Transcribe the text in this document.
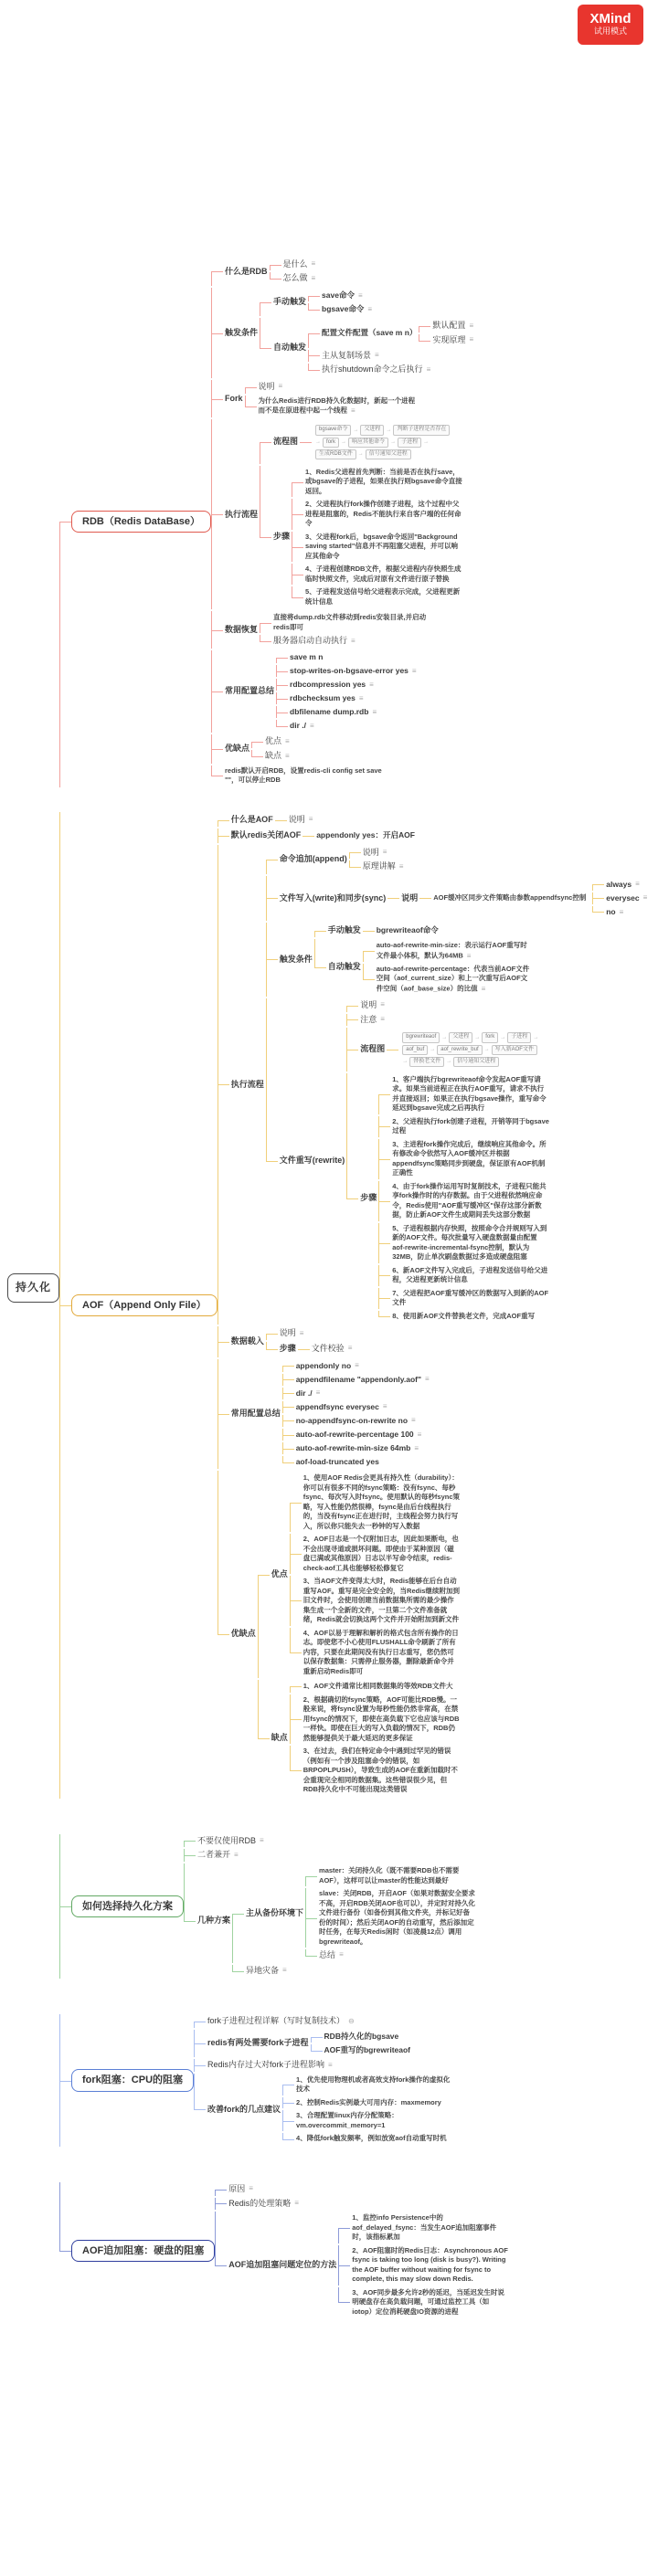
XMind
试用模式
持久化
RDB（Redis DataBase）
什么是RDB
是什么 ≡
怎么做 ≡
触发条件
手动触发
save命令 ≡
bgsave命令 ≡
自动触发
配置文件配置（save m n）
默认配置 ≡
实现原理 ≡
主从复制场景 ≡
执行shutdown命令之后执行 ≡
Fork
说明 ≡
为什么Redis进行RDB持久化数据时，新起一个进程而不是在原进程中起一个线程 ≡
执行流程
流程图
bgsave命令	→	父进程	→	判断子进程是否存在
→	fork	→	响应其他命令	→	子进程	→
生成RDB文件	→	信号通知父进程
步骤
1、Redis父进程首先判断：当前是否在执行save，或bgsave的子进程，如果在执行则bgsave命令直接返回。
2、父进程执行fork操作创建子进程，这个过程中父进程是阻塞的，Redis不能执行来自客户端的任何命令
3、父进程fork后，bgsave命令返回"Background saving started"信息并不再阻塞父进程，并可以响应其他命令
4、子进程创建RDB文件，根据父进程内存快照生成临时快照文件，完成后对原有文件进行原子替换
5、子进程发送信号给父进程表示完成，父进程更新统计信息
数据恢复
直接将dump.rdb文件移动到redis安装目录,并启动redis即可
服务器启动自动执行 ≡
常用配置总结
save m n
stop-writes-on-bgsave-error yes ≡
rdbcompression yes ≡
rdbchecksum yes ≡
dbfilename dump.rdb ≡
dir ./ ≡
优缺点
优点 ≡
缺点 ≡
redis默认开启RDB，设置redis-cli config set save ""，可以停止RDB
AOF（Append Only File）
什么是AOF 说明 ≡
默认redis关闭AOF appendonly yes：开启AOF
执行流程
命令追加(append)
说明 ≡
原理讲解 ≡
文件写入(write)和同步(sync) 说明 AOF缓冲区同步文件策略由参数appendfsync控制
always ≡
everysec ≡
no ≡
触发条件
手动触发 bgrewriteaof命令
自动触发
auto-aof-rewrite-min-size：表示运行AOF重写时文件最小体积，默认为64MB ≡
auto-aof-rewrite-percentage：代表当前AOF文件空间（aof_current_size）和上一次重写后AOF文件空间（aof_base_size）的比值 ≡
文件重写(rewrite)
说明 ≡
注意 ≡
流程图
bgrewriteaof	→	父进程	→	fork	→	子进程	→
aof_buf	→	aof_rewrite_buf	→	写入新AOF文件
→	替换老文件	→	信号通知父进程
步骤
1、客户端执行bgrewriteaof命令发起AOF重写请求。如果当前进程正在执行AOF重写，请求不执行并直接返回；如果正在执行bgsave操作，重写命令延迟到bgsave完成之后再执行
2、父进程执行fork创建子进程，开销等同于bgsave过程
3、主进程fork操作完成后，继续响应其他命令。所有修改命令依然写入AOF缓冲区并根据appendfsync策略同步到硬盘，保证原有AOF机制正确性
4、由于fork操作运用写时复制技术，子进程只能共享fork操作时的内存数据。由于父进程依然响应命令，Redis使用"AOF重写缓冲区"保存这部分新数据，防止新AOF文件生成期间丢失这部分数据
5、子进程根据内存快照，按照命令合并规则写入到新的AOF文件。每次批量写入硬盘数据量由配置aof-rewrite-incremental-fsync控制，默认为32MB，防止单次刷盘数据过多造成硬盘阻塞
6、新AOF文件写入完成后，子进程发送信号给父进程，父进程更新统计信息
7、父进程把AOF重写缓冲区的数据写入到新的AOF文件
8、使用新AOF文件替换老文件，完成AOF重写
数据载入
说明 ≡
步骤 文件校验 ≡
常用配置总结
appendonly no ≡
appendfilename "appendonly.aof" ≡
dir ./ ≡
appendfsync everysec ≡
no-appendfsync-on-rewrite no ≡
auto-aof-rewrite-percentage 100 ≡
auto-aof-rewrite-min-size 64mb ≡
aof-load-truncated yes
优缺点
优点
1、使用AOF Redis会更具有持久性（durability）：你可以有很多不同的fsync策略：没有fsync、每秒fsync、每次写入时fsync。使用默认的每秒fsync策略，写入性能仍然很棒，fsync是由后台线程执行的，当没有fsync正在进行时，主线程会努力执行写入，所以你只能失去一秒钟的写入数据
2、AOF日志是一个仅附加日志，因此如果断电，也不会出现寻道或损坏问题。即使由于某种原因（磁盘已满或其他原因）日志以半写命令结束，redis-check-aof工具也能够轻松修复它
3、当AOF文件变得太大时，Redis能够在后台自动重写AOF。重写是完全安全的，当Redis继续附加到旧文件时，会使用创建当前数据集所需的最少操作集生成一个全新的文件，一旦第二个文件准备就绪，Redis就会切换这两个文件并开始附加到新文件
4、AOF以易于理解和解析的格式包含所有操作的日志。即使您不小心使用FLUSHALL命令刷新了所有内容，只要在此期间没有执行日志重写，您仍然可以保存数据集：只需停止服务器，删除最新命令并重新启动Redis即可
缺点
1、AOF文件通常比相同数据集的等效RDB文件大
2、根据确切的fsync策略，AOF可能比RDB慢。一般来说，将fsync设置为每秒性能仍然非常高，在禁用fsync的情况下，即使在高负载下它也应该与RDB一样快。即使在巨大的写入负载的情况下，RDB仍然能够提供关于最大延迟的更多保证
3、在过去，我们在特定命令中遇到过罕见的错误（例如有一个涉及阻塞命令的错误，如BRPOPLPUSH），导致生成的AOF在重新加载时不会重现完全相同的数据集。这些错误很少见，但RDB持久化中不可能出现这类错误
如何选择持久化方案
不要仅使用RDB ≡
二者兼开 ≡
几种方案
主从备份环境下
master：关闭持久化（既不需要RDB也不需要AOF），这样可以让master的性能达到最好
slave：关闭RDB，开启AOF（如果对数据安全要求不高，开启RDB关闭AOF也可以），并定时对持久化文件进行备份（如备份到其他文件夹，并标记好备份的时间）；然后关闭AOF的自动重写，然后添加定时任务，在每天Redis闲时（如凌晨12点）调用bgrewriteaof。
总结 ≡
异地灾备 ≡
fork阻塞：CPU的阻塞
fork子进程过程详解（写时复制技术） ⊖
redis有两处需要fork子进程
RDB持久化的bgsave
AOF重写的bgrewriteaof
Redis内存过大对fork子进程影响 ≡
改善fork的几点建议
1、优先使用物理机或者高效支持fork操作的虚拟化技术
2、控制Redis实例最大可用内存：maxmemory
3、合理配置linux内存分配策略：vm.overcommit_memory=1
4、降低fork触发频率，例如放宽aof自动重写时机
AOF追加阻塞：硬盘的阻塞
原因 ≡
Redis的处理策略 ≡
AOF追加阻塞问题定位的方法
1、监控info Persistence中的aof_delayed_fsync：当发生AOF追加阻塞事件时，该指标累加
2、AOF阻塞时的Redis日志：Asynchronous AOF fsync is taking too long (disk is busy?). Writing the AOF buffer without waiting for fsync to complete, this may slow down Redis.
3、AOF同步最多允许2秒的延迟，当延迟发生时说明硬盘存在高负载问题，可通过监控工具（如iotop）定位消耗硬盘IO资源的进程
